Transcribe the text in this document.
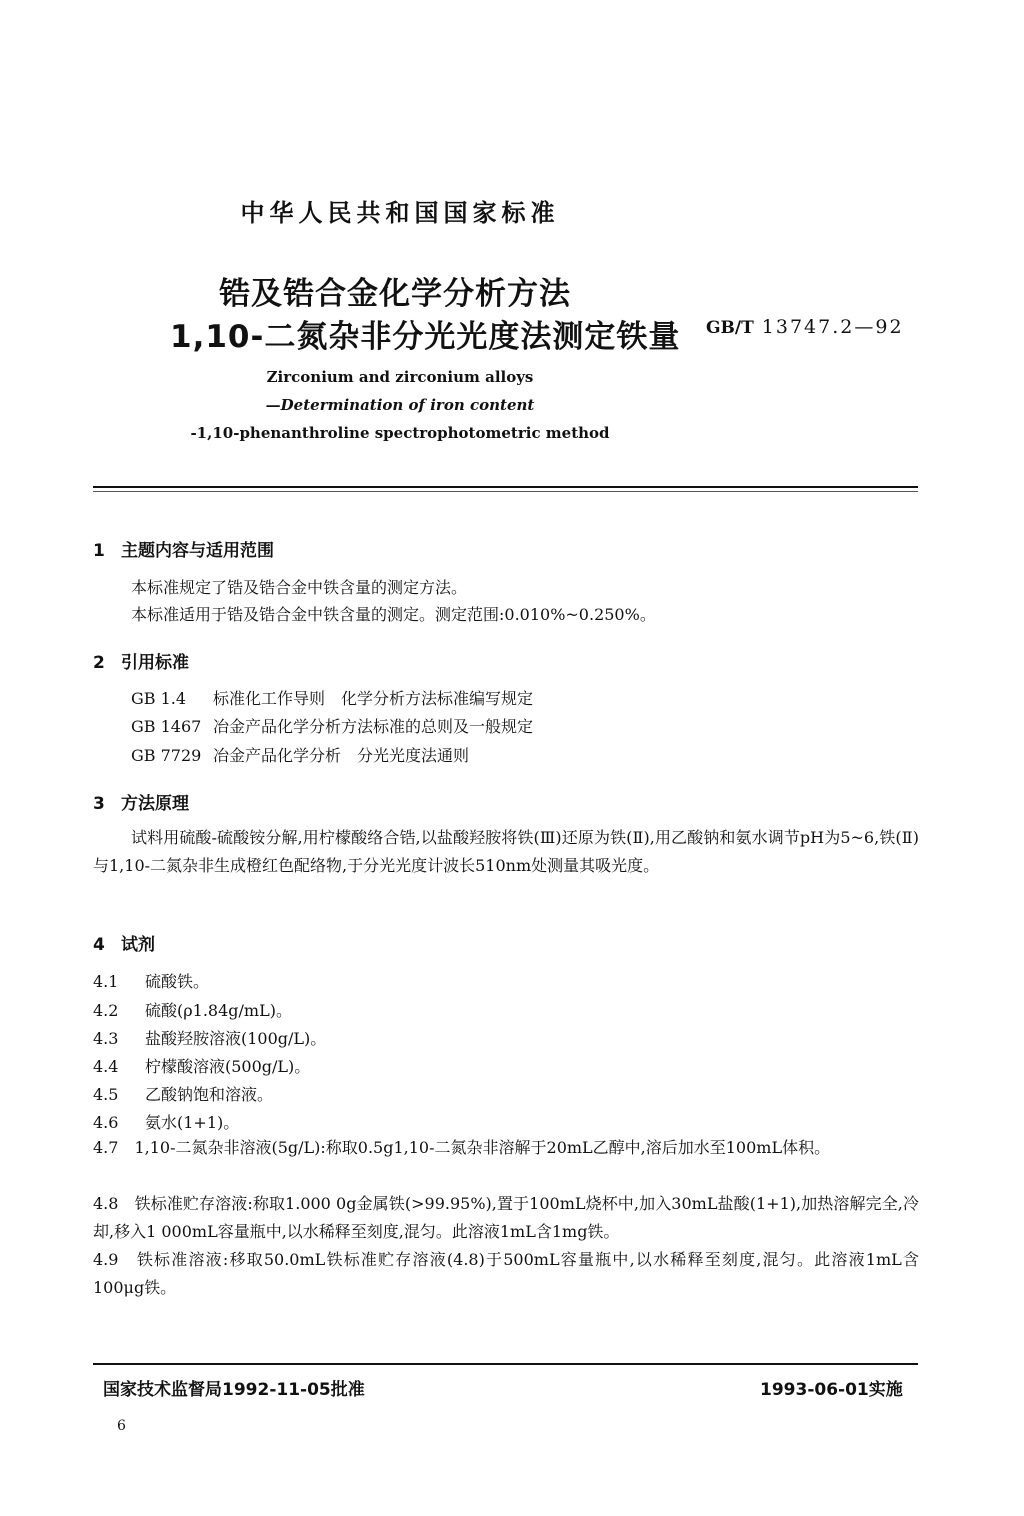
中华人民共和国国家标准
锆及锆合金化学分析方法
1,10-二氮杂非分光光度法测定铁量 GB/T 13747.2—92
Zirconium and zirconium alloys
—Determination of iron content
-1,10-phenanthroline spectrophotometric method
1 主题内容与适用范围
本标准规定了锆及锆合金中铁含量的测定方法。
本标准适用于锆及锆合金中铁含量的测定。测定范围:0.010%~0.250%。
2 引用标准
GB 1.4 标准化工作导则　化学分析方法标准编写规定
GB 1467 冶金产品化学分析方法标准的总则及一般规定
GB 7729 冶金产品化学分析　分光光度法通则
3 方法原理
试料用硫酸-硫酸铵分解,用柠檬酸络合锆,以盐酸羟胺将铁(Ⅲ)还原为铁(Ⅱ),用乙酸钠和氨水调节pH为5~6,铁(Ⅱ)与1,10-二氮杂非生成橙红色配络物,于分光光度计波长510nm处测量其吸光度。
4 试剂
4.1 硫酸铁。
4.2 硫酸(ρ1.84g/mL)。
4.3 盐酸羟胺溶液(100g/L)。
4.4 柠檬酸溶液(500g/L)。
4.5 乙酸钠饱和溶液。
4.6 氨水(1+1)。
4.7　1,10-二氮杂非溶液(5g/L):称取0.5g1,10-二氮杂非溶解于20mL乙醇中,溶后加水至100mL体积。
4.8　铁标准贮存溶液:称取1.000 0g金属铁(>99.95%),置于100mL烧杯中,加入30mL盐酸(1+1),加热溶解完全,冷却,移入1 000mL容量瓶中,以水稀释至刻度,混匀。此溶液1mL含1mg铁。
4.9　铁标准溶液:移取50.0mL铁标准贮存溶液(4.8)于500mL容量瓶中,以水稀释至刻度,混匀。此溶液1mL含100μg铁。
国家技术监督局1992-11-05批准	1993-06-01实施
6
